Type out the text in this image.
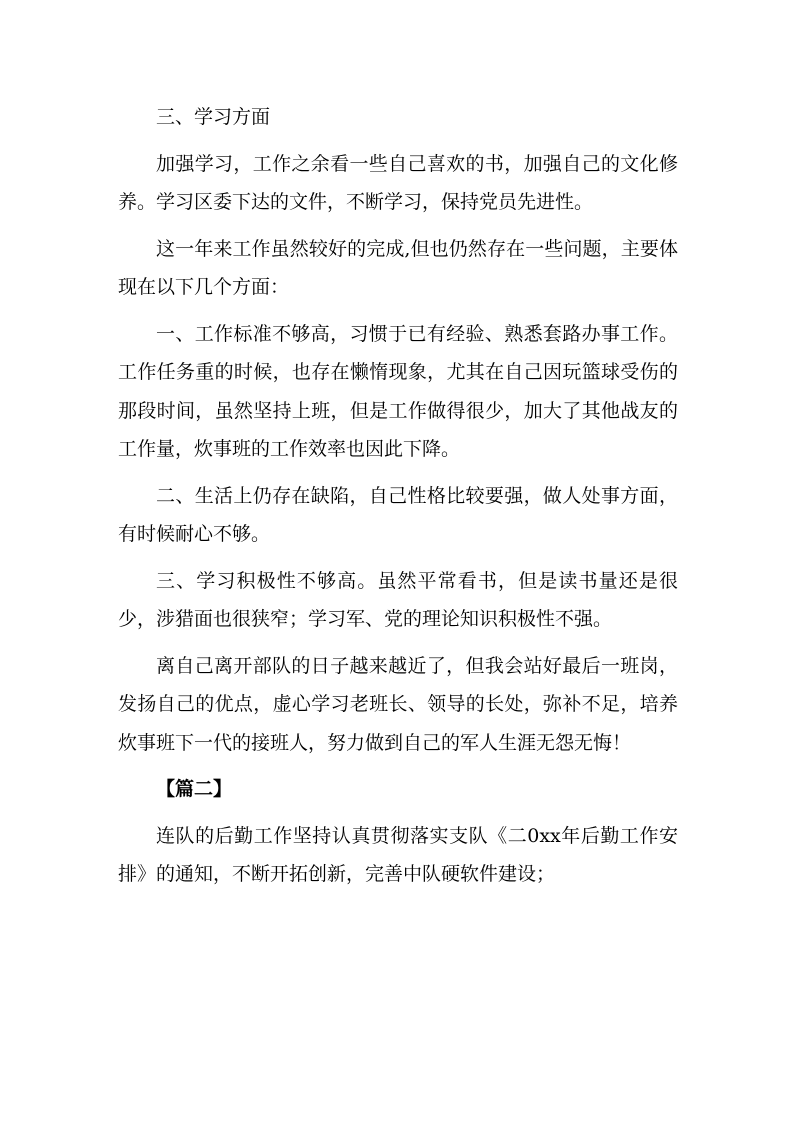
三、学习方面

加强学习，工作之余看一些自己喜欢的书，加强自己的文化修养。学习区委下达的文件，不断学习，保持党员先进性。

这一年来工作虽然较好的完成,但也仍然存在一些问题，主要体现在以下几个方面：

一、工作标准不够高，习惯于已有经验、熟悉套路办事工作。工作任务重的时候，也存在懒惰现象，尤其在自己因玩篮球受伤的那段时间，虽然坚持上班，但是工作做得很少，加大了其他战友的工作量，炊事班的工作效率也因此下降。

二、生活上仍存在缺陷，自己性格比较要强，做人处事方面，有时候耐心不够。

三、学习积极性不够高。虽然平常看书，但是读书量还是很少，涉猎面也很狭窄；学习军、党的理论知识积极性不强。

离自己离开部队的日子越来越近了，但我会站好最后一班岗，发扬自己的优点，虚心学习老班长、领导的长处，弥补不足，培养炊事班下一代的接班人，努力做到自己的军人生涯无怨无悔！

【篇二】

连队的后勤工作坚持认真贯彻落实支队《二0xx年后勤工作安排》的通知，不断开拓创新，完善中队硬软件建设；
